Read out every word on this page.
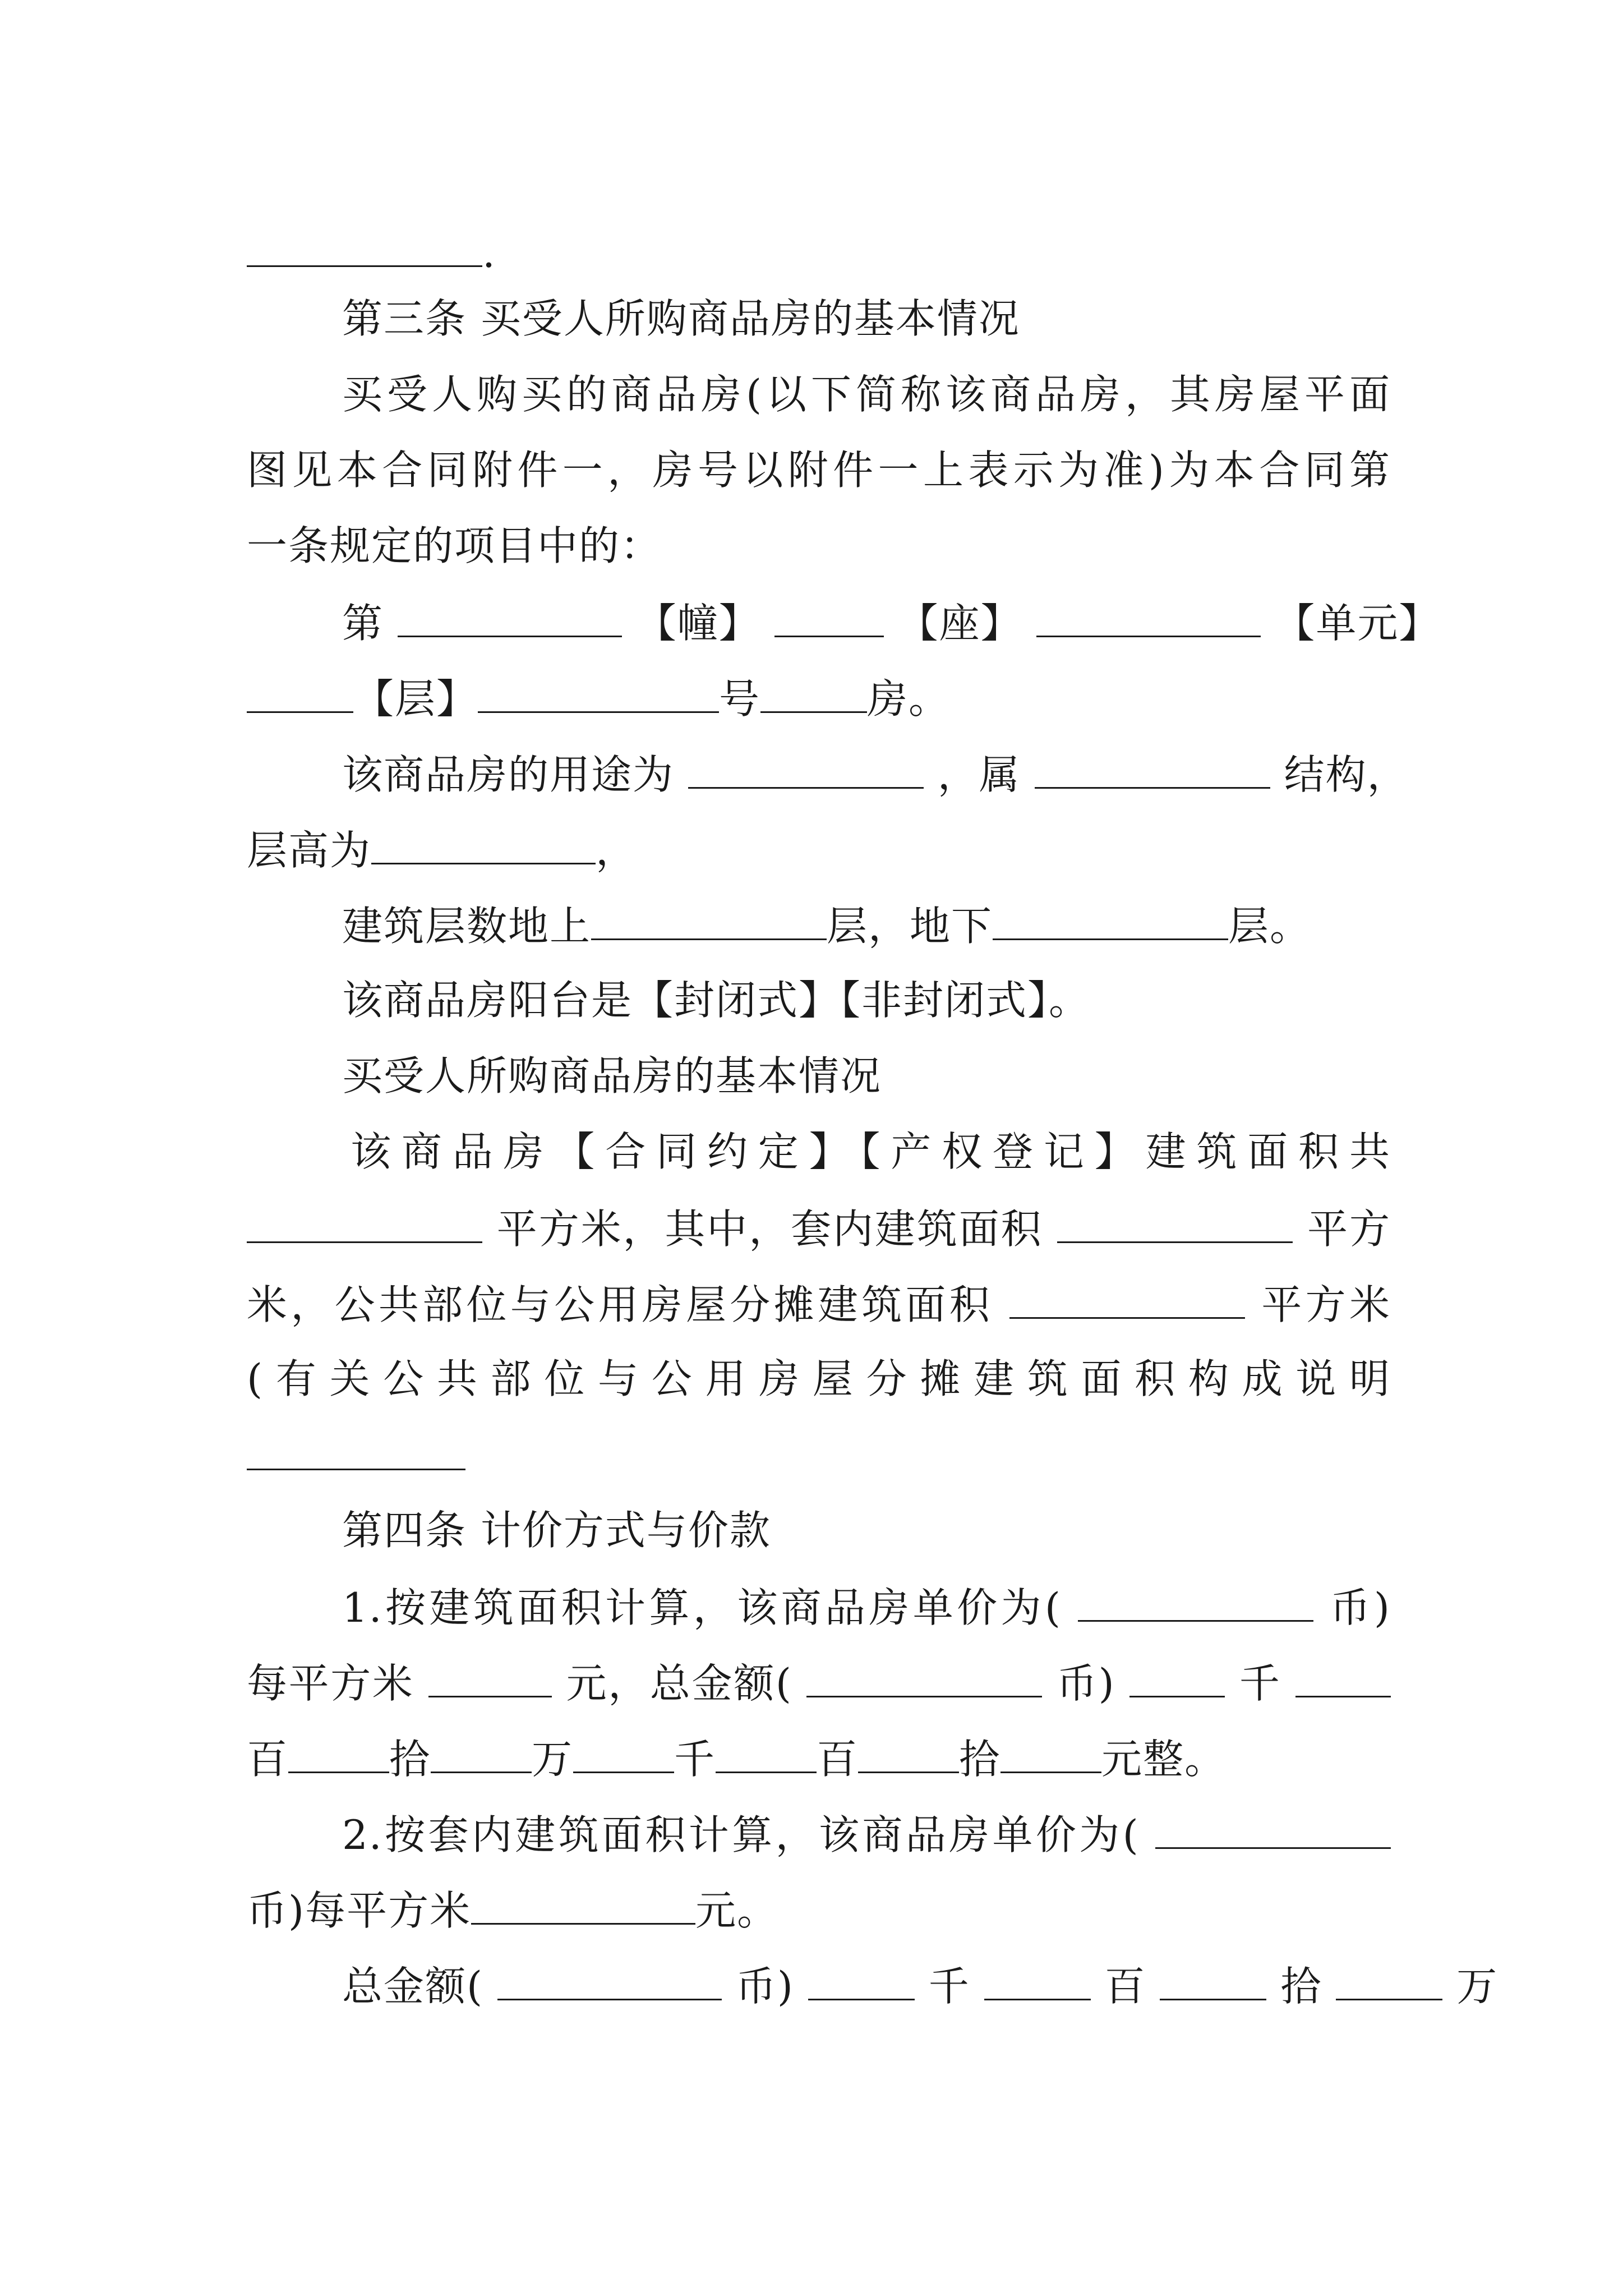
.
第三条 买受人所购商品房的基本情况
买受人购买的商品房(以下简称该商品房，其房屋平面
图见本合同附件一，房号以附件一上表示为准)为本合同第
一条规定的项目中的：
第	【幢】	【座】	【单元】
【层】	号	房。
该商品房的用途为	，属	结构，
层高为	，
建筑层数地上	层，地下	层。
该商品房阳台是【封闭式】【非封闭式】。
买受人所购商品房的基本情况
该商品房【合同约定】【产权登记】建筑面积共
平方米，其中，套内建筑面积	平方
米，公共部位与公用房屋分摊建筑面积	平方米
(有关公共部位与公用房屋分摊建筑面积构成说明
第四条 计价方式与价款
1.按建筑面积计算，该商品房单价为(	币)
每平方米	元，总金额(	币)	千
百	拾	万	千	百	拾	元整。
2.按套内建筑面积计算，该商品房单价为(
币)每平方米	元。
总金额(	币)	千	百	拾	万
